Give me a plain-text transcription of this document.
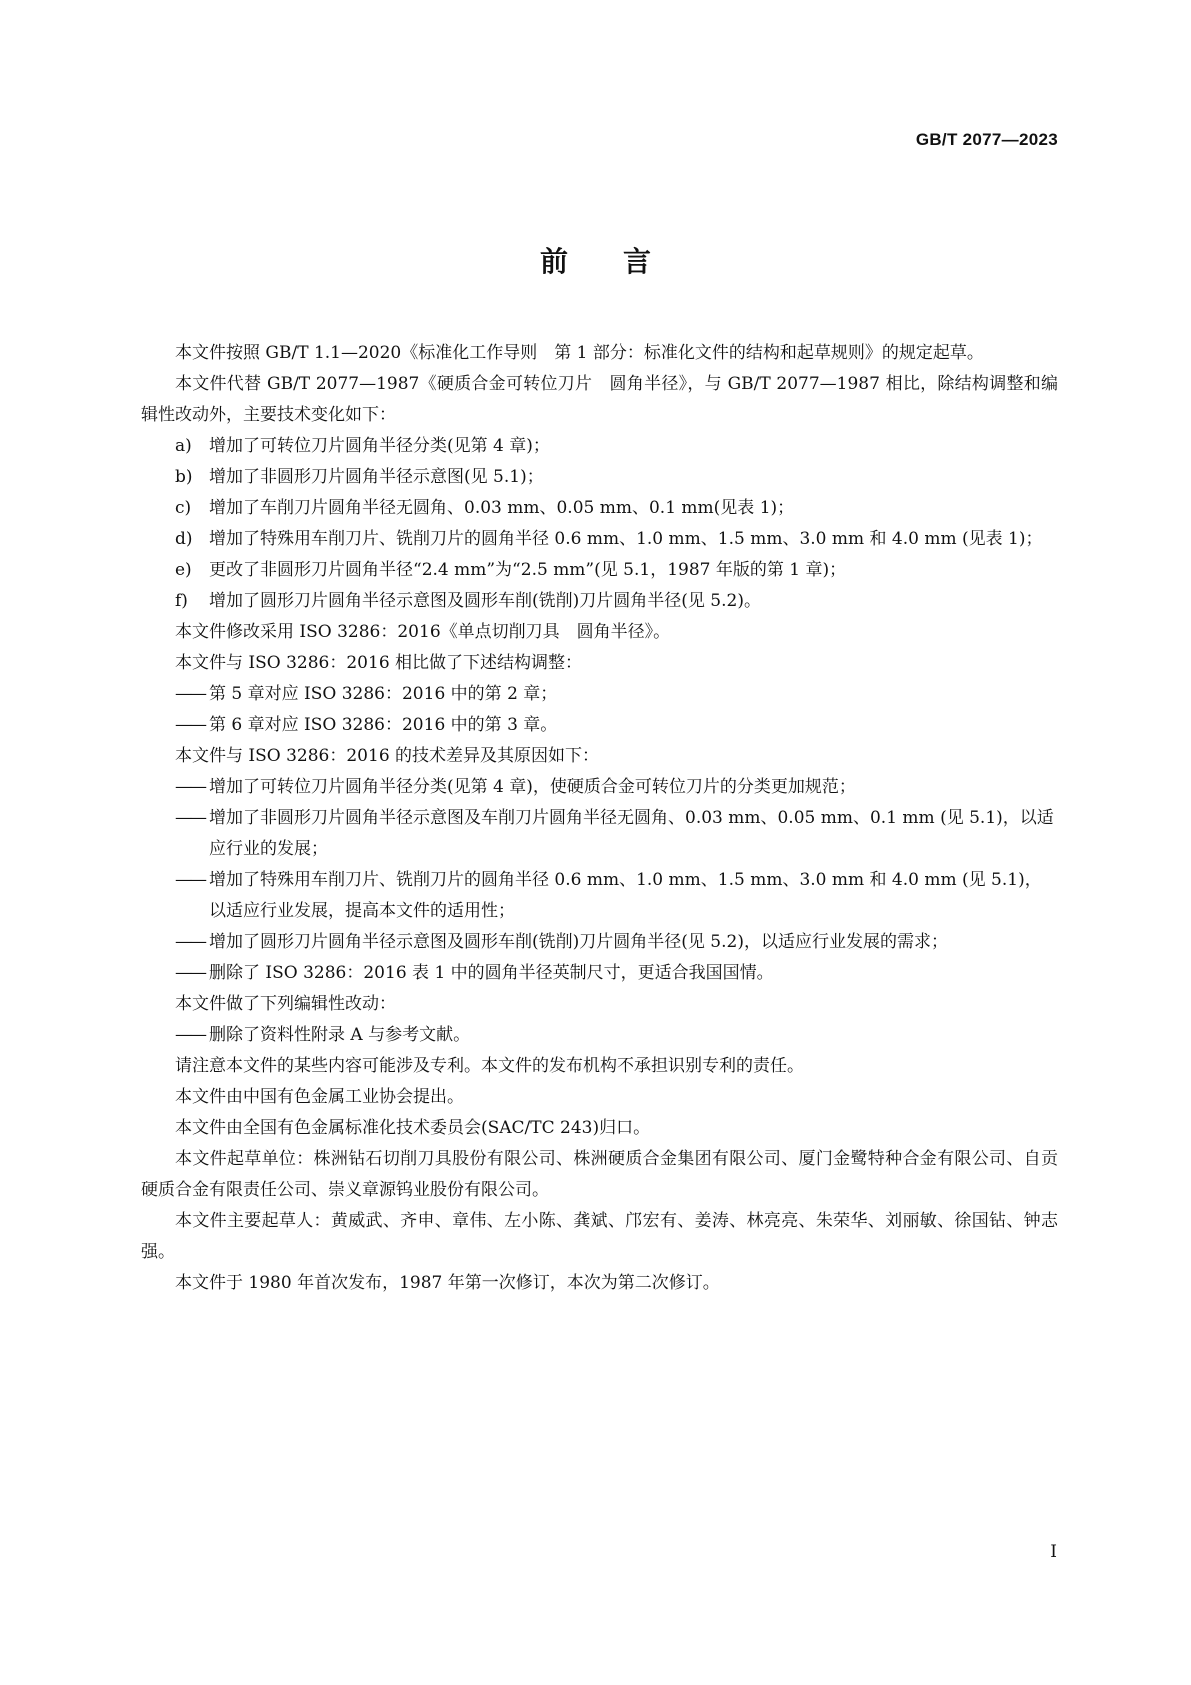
GB/T 2077—2023
前 言

本文件按照 GB/T 1.1—2020《标准化工作导则　第 1 部分：标准化文件的结构和起草规则》的规定起草。

本文件代替 GB/T 2077—1987《硬质合金可转位刀片　圆角半径》，与 GB/T 2077—1987 相比，除结构调整和编辑性改动外，主要技术变化如下：

a) 增加了可转位刀片圆角半径分类(见第 4 章)；

b) 增加了非圆形刀片圆角半径示意图(见 5.1)；

c) 增加了车削刀片圆角半径无圆角、0.03 mm、0.05 mm、0.1 mm(见表 1)；

d) 增加了特殊用车削刀片、铣削刀片的圆角半径 0.6 mm、1.0 mm、1.5 mm、3.0 mm 和 4.0 mm (见表 1)；

e) 更改了非圆形刀片圆角半径“2.4 mm”为“2.5 mm”(见 5.1，1987 年版的第 1 章)；

f) 增加了圆形刀片圆角半径示意图及圆形车削(铣削)刀片圆角半径(见 5.2)。

本文件修改采用 ISO 3286：2016《单点切削刀具　圆角半径》。

本文件与 ISO 3286：2016 相比做了下述结构调整：

—— 第 5 章对应 ISO 3286：2016 中的第 2 章；

—— 第 6 章对应 ISO 3286：2016 中的第 3 章。

本文件与 ISO 3286：2016 的技术差异及其原因如下：

—— 增加了可转位刀片圆角半径分类(见第 4 章)，使硬质合金可转位刀片的分类更加规范；

—— 增加了非圆形刀片圆角半径示意图及车削刀片圆角半径无圆角、0.03 mm、0.05 mm、0.1 mm (见 5.1)，以适应行业的发展；

—— 增加了特殊用车削刀片、铣削刀片的圆角半径 0.6 mm、1.0 mm、1.5 mm、3.0 mm 和 4.0 mm (见 5.1)，以适应行业发展，提高本文件的适用性；

—— 增加了圆形刀片圆角半径示意图及圆形车削(铣削)刀片圆角半径(见 5.2)，以适应行业发展的需求；

—— 删除了 ISO 3286：2016 表 1 中的圆角半径英制尺寸，更适合我国国情。

本文件做了下列编辑性改动：

—— 删除了资料性附录 A 与参考文献。

请注意本文件的某些内容可能涉及专利。本文件的发布机构不承担识别专利的责任。

本文件由中国有色金属工业协会提出。

本文件由全国有色金属标准化技术委员会(SAC/TC 243)归口。

本文件起草单位：株洲钻石切削刀具股份有限公司、株洲硬质合金集团有限公司、厦门金鹭特种合金有限公司、自贡硬质合金有限责任公司、崇义章源钨业股份有限公司。

本文件主要起草人：黄威武、齐申、章伟、左小陈、龚斌、邝宏有、姜涛、林亮亮、朱荣华、刘丽敏、徐国钻、钟志强。

本文件于 1980 年首次发布，1987 年第一次修订，本次为第二次修订。

I
